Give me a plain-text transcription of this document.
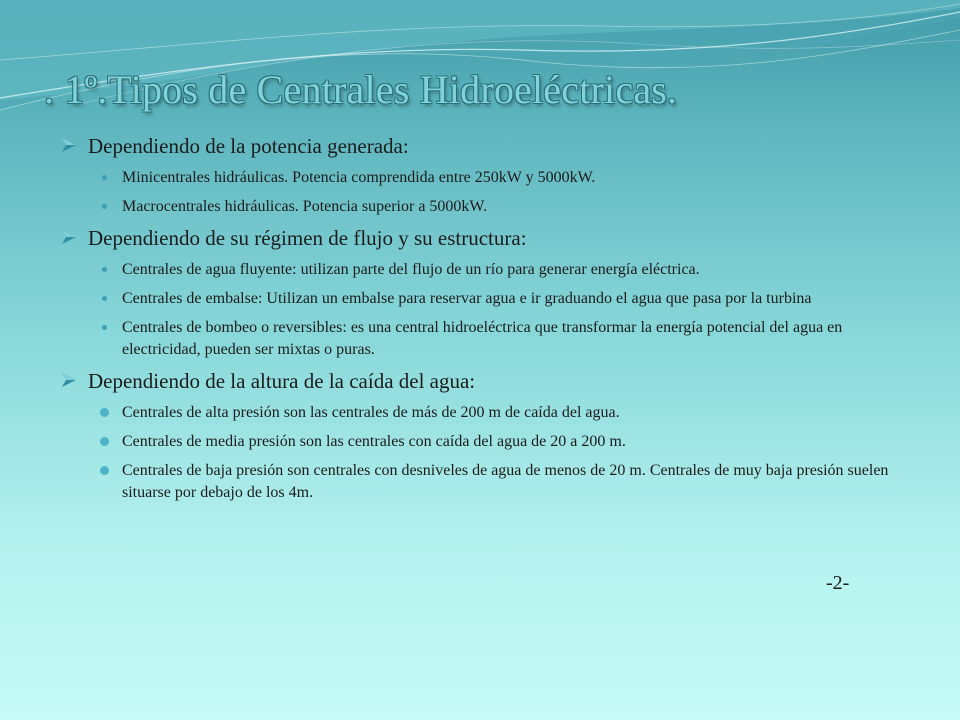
. 1º.Tipos de Centrales Hidroeléctricas.

Dependiendo de la potencia generada:

Minicentrales hidráulicas. Potencia comprendida entre 250kW y 5000kW.
Macrocentrales hidráulicas. Potencia superior a 5000kW.

Dependiendo de su régimen de flujo y su estructura:

Centrales de agua fluyente: utilizan parte del flujo de un río para generar energía eléctrica.
Centrales de embalse: Utilizan un embalse para reservar agua e ir graduando el agua que pasa por la turbina
Centrales de bombeo o reversibles: es una central hidroeléctrica que transformar la energía potencial del agua en electricidad, pueden ser mixtas o puras.

Dependiendo de la altura de la caída del agua:

Centrales de alta presión son las centrales de más de 200 m de caída del agua.
Centrales de media presión son las centrales con caída del agua de 20 a 200 m.
Centrales de baja presión son centrales con desniveles de agua de menos de 20 m. Centrales de muy baja presión suelen situarse por debajo de los 4m.
-2-
